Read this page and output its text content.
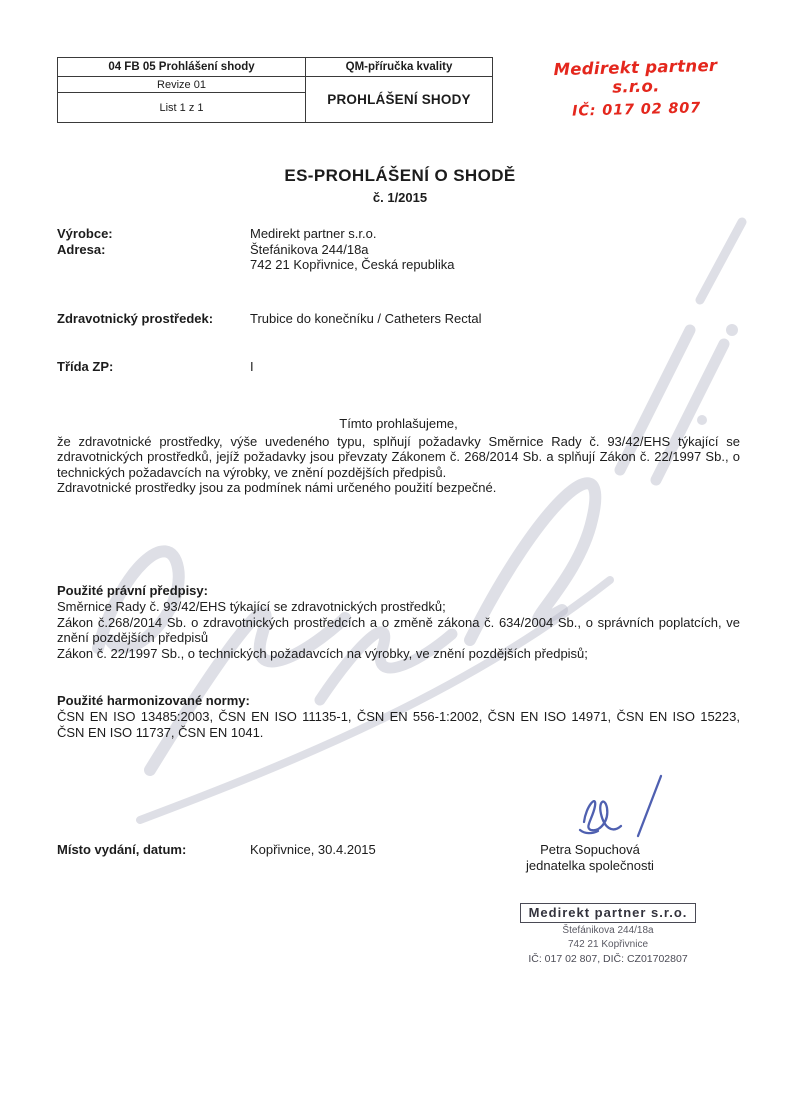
04 FB 05 Prohlášení shody	QM-příručka kvality
Revize 01
List 1 z 1
PROHLÁŠENÍ SHODY
Medirekt partner s.r.o.
IČ: 017 02 807
ES-PROHLÁŠENÍ O SHODĚ
č. 1/2015
Výrobce:	Medirekt partner s.r.o.
Adresa:	Štefánikova 244/18a
742 21 Kopřivnice, Česká republika
Zdravotnický prostředek:	Trubice do konečníku / Catheters Rectal
Třída ZP:	I
Tímto prohlašujeme,
že zdravotnické prostředky, výše uvedeného typu, splňují požadavky Směrnice Rady č. 93/42/EHS týkající se zdravotnických prostředků, jejíž požadavky jsou převzaty Zákonem č. 268/2014 Sb. a splňují Zákon č. 22/1997 Sb., o technických požadavcích na výrobky, ve znění pozdějších předpisů.
Zdravotnické prostředky jsou za podmínek námi určeného použití bezpečné.
Použité právní předpisy:
Směrnice Rady č. 93/42/EHS týkající se zdravotnických prostředků;
Zákon č.268/2014 Sb. o zdravotnických prostředcích a o změně zákona č. 634/2004 Sb., o správních poplatcích, ve znění pozdějších předpisů
Zákon č. 22/1997 Sb., o technických požadavcích na výrobky, ve znění pozdějších předpisů;
Použité harmonizované normy:
ČSN EN ISO 13485:2003, ČSN EN ISO 11135-1, ČSN EN 556-1:2002, ČSN EN ISO 14971, ČSN EN ISO 15223, ČSN EN ISO 11737, ČSN EN 1041.
Místo vydání, datum:	Kopřivnice, 30.4.2015	Petra Sopuchová
jednatelka společnosti
Medirekt partner s.r.o.
Štefánikova 244/18a
742 21 Kopřivnice
IČ: 017 02 807, DIČ: CZ01702807
